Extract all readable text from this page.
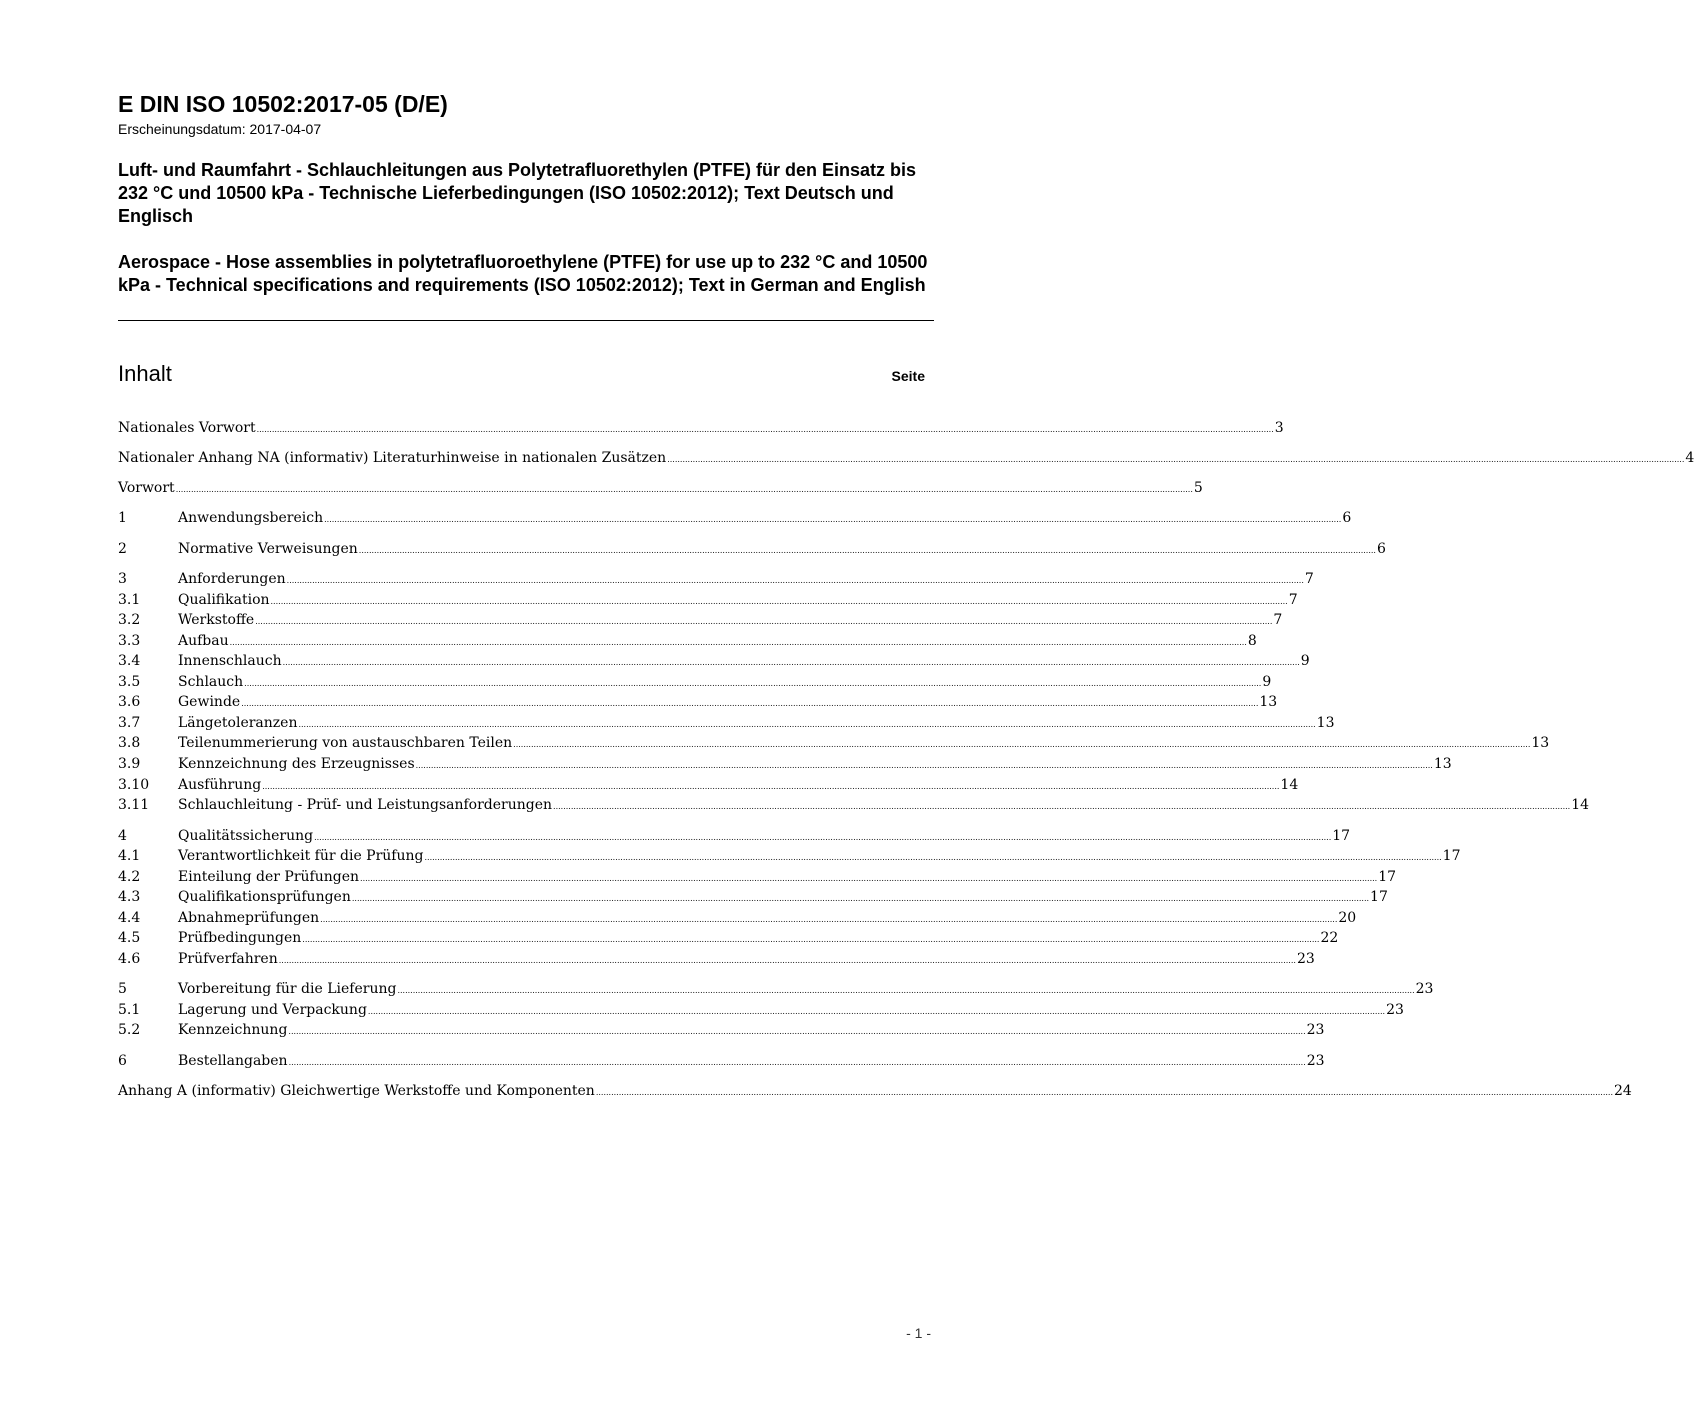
E DIN ISO 10502:2017-05 (D/E)
Erscheinungsdatum: 2017-04-07
Luft- und Raumfahrt - Schlauchleitungen aus Polytetrafluorethylen (PTFE) für den Einsatz bis 232 °C und 10500 kPa - Technische Lieferbedingungen (ISO 10502:2012); Text Deutsch und Englisch
Aerospace - Hose assemblies in polytetrafluoroethylene (PTFE) for use up to 232 °C and 10500 kPa - Technical specifications and requirements (ISO 10502:2012); Text in German and English
Inhalt	Seite
Nationales Vorwort ................................................................................................................................................................................................................................................................................................................................................................................................................ 3
Nationaler Anhang NA (informativ) Literaturhinweise in nationalen Zusätzen ................................................................................................................................................................................................................................................................................................................................................................................................................ 4
Vorwort ................................................................................................................................................................................................................................................................................................................................................................................................................ 5
1	Anwendungsbereich ................................................................................................................................................................................................................................................................................................................................................................................................................ 6
2	Normative Verweisungen ................................................................................................................................................................................................................................................................................................................................................................................................................ 6
3	Anforderungen ................................................................................................................................................................................................................................................................................................................................................................................................................ 7
3.1	Qualifikation ................................................................................................................................................................................................................................................................................................................................................................................................................ 7
3.2	Werkstoffe ................................................................................................................................................................................................................................................................................................................................................................................................................ 7
3.3	Aufbau ................................................................................................................................................................................................................................................................................................................................................................................................................ 8
3.4	Innenschlauch ................................................................................................................................................................................................................................................................................................................................................................................................................ 9
3.5	Schlauch ................................................................................................................................................................................................................................................................................................................................................................................................................ 9
3.6	Gewinde ................................................................................................................................................................................................................................................................................................................................................................................................................ 13
3.7	Längetoleranzen ................................................................................................................................................................................................................................................................................................................................................................................................................ 13
3.8	Teilenummerierung von austauschbaren Teilen ................................................................................................................................................................................................................................................................................................................................................................................................................ 13
3.9	Kennzeichnung des Erzeugnisses ................................................................................................................................................................................................................................................................................................................................................................................................................ 13
3.10	Ausführung ................................................................................................................................................................................................................................................................................................................................................................................................................ 14
3.11	Schlauchleitung - Prüf- und Leistungsanforderungen ................................................................................................................................................................................................................................................................................................................................................................................................................ 14
4	Qualitätssicherung ................................................................................................................................................................................................................................................................................................................................................................................................................ 17
4.1	Verantwortlichkeit für die Prüfung ................................................................................................................................................................................................................................................................................................................................................................................................................ 17
4.2	Einteilung der Prüfungen ................................................................................................................................................................................................................................................................................................................................................................................................................ 17
4.3	Qualifikationsprüfungen ................................................................................................................................................................................................................................................................................................................................................................................................................ 17
4.4	Abnahmeprüfungen ................................................................................................................................................................................................................................................................................................................................................................................................................ 20
4.5	Prüfbedingungen ................................................................................................................................................................................................................................................................................................................................................................................................................ 22
4.6	Prüfverfahren ................................................................................................................................................................................................................................................................................................................................................................................................................ 23
5	Vorbereitung für die Lieferung ................................................................................................................................................................................................................................................................................................................................................................................................................ 23
5.1	Lagerung und Verpackung ................................................................................................................................................................................................................................................................................................................................................................................................................ 23
5.2	Kennzeichnung ................................................................................................................................................................................................................................................................................................................................................................................................................ 23
6	Bestellangaben ................................................................................................................................................................................................................................................................................................................................................................................................................ 23
Anhang A (informativ) Gleichwertige Werkstoffe und Komponenten ................................................................................................................................................................................................................................................................................................................................................................................................................ 24
- 1 -
